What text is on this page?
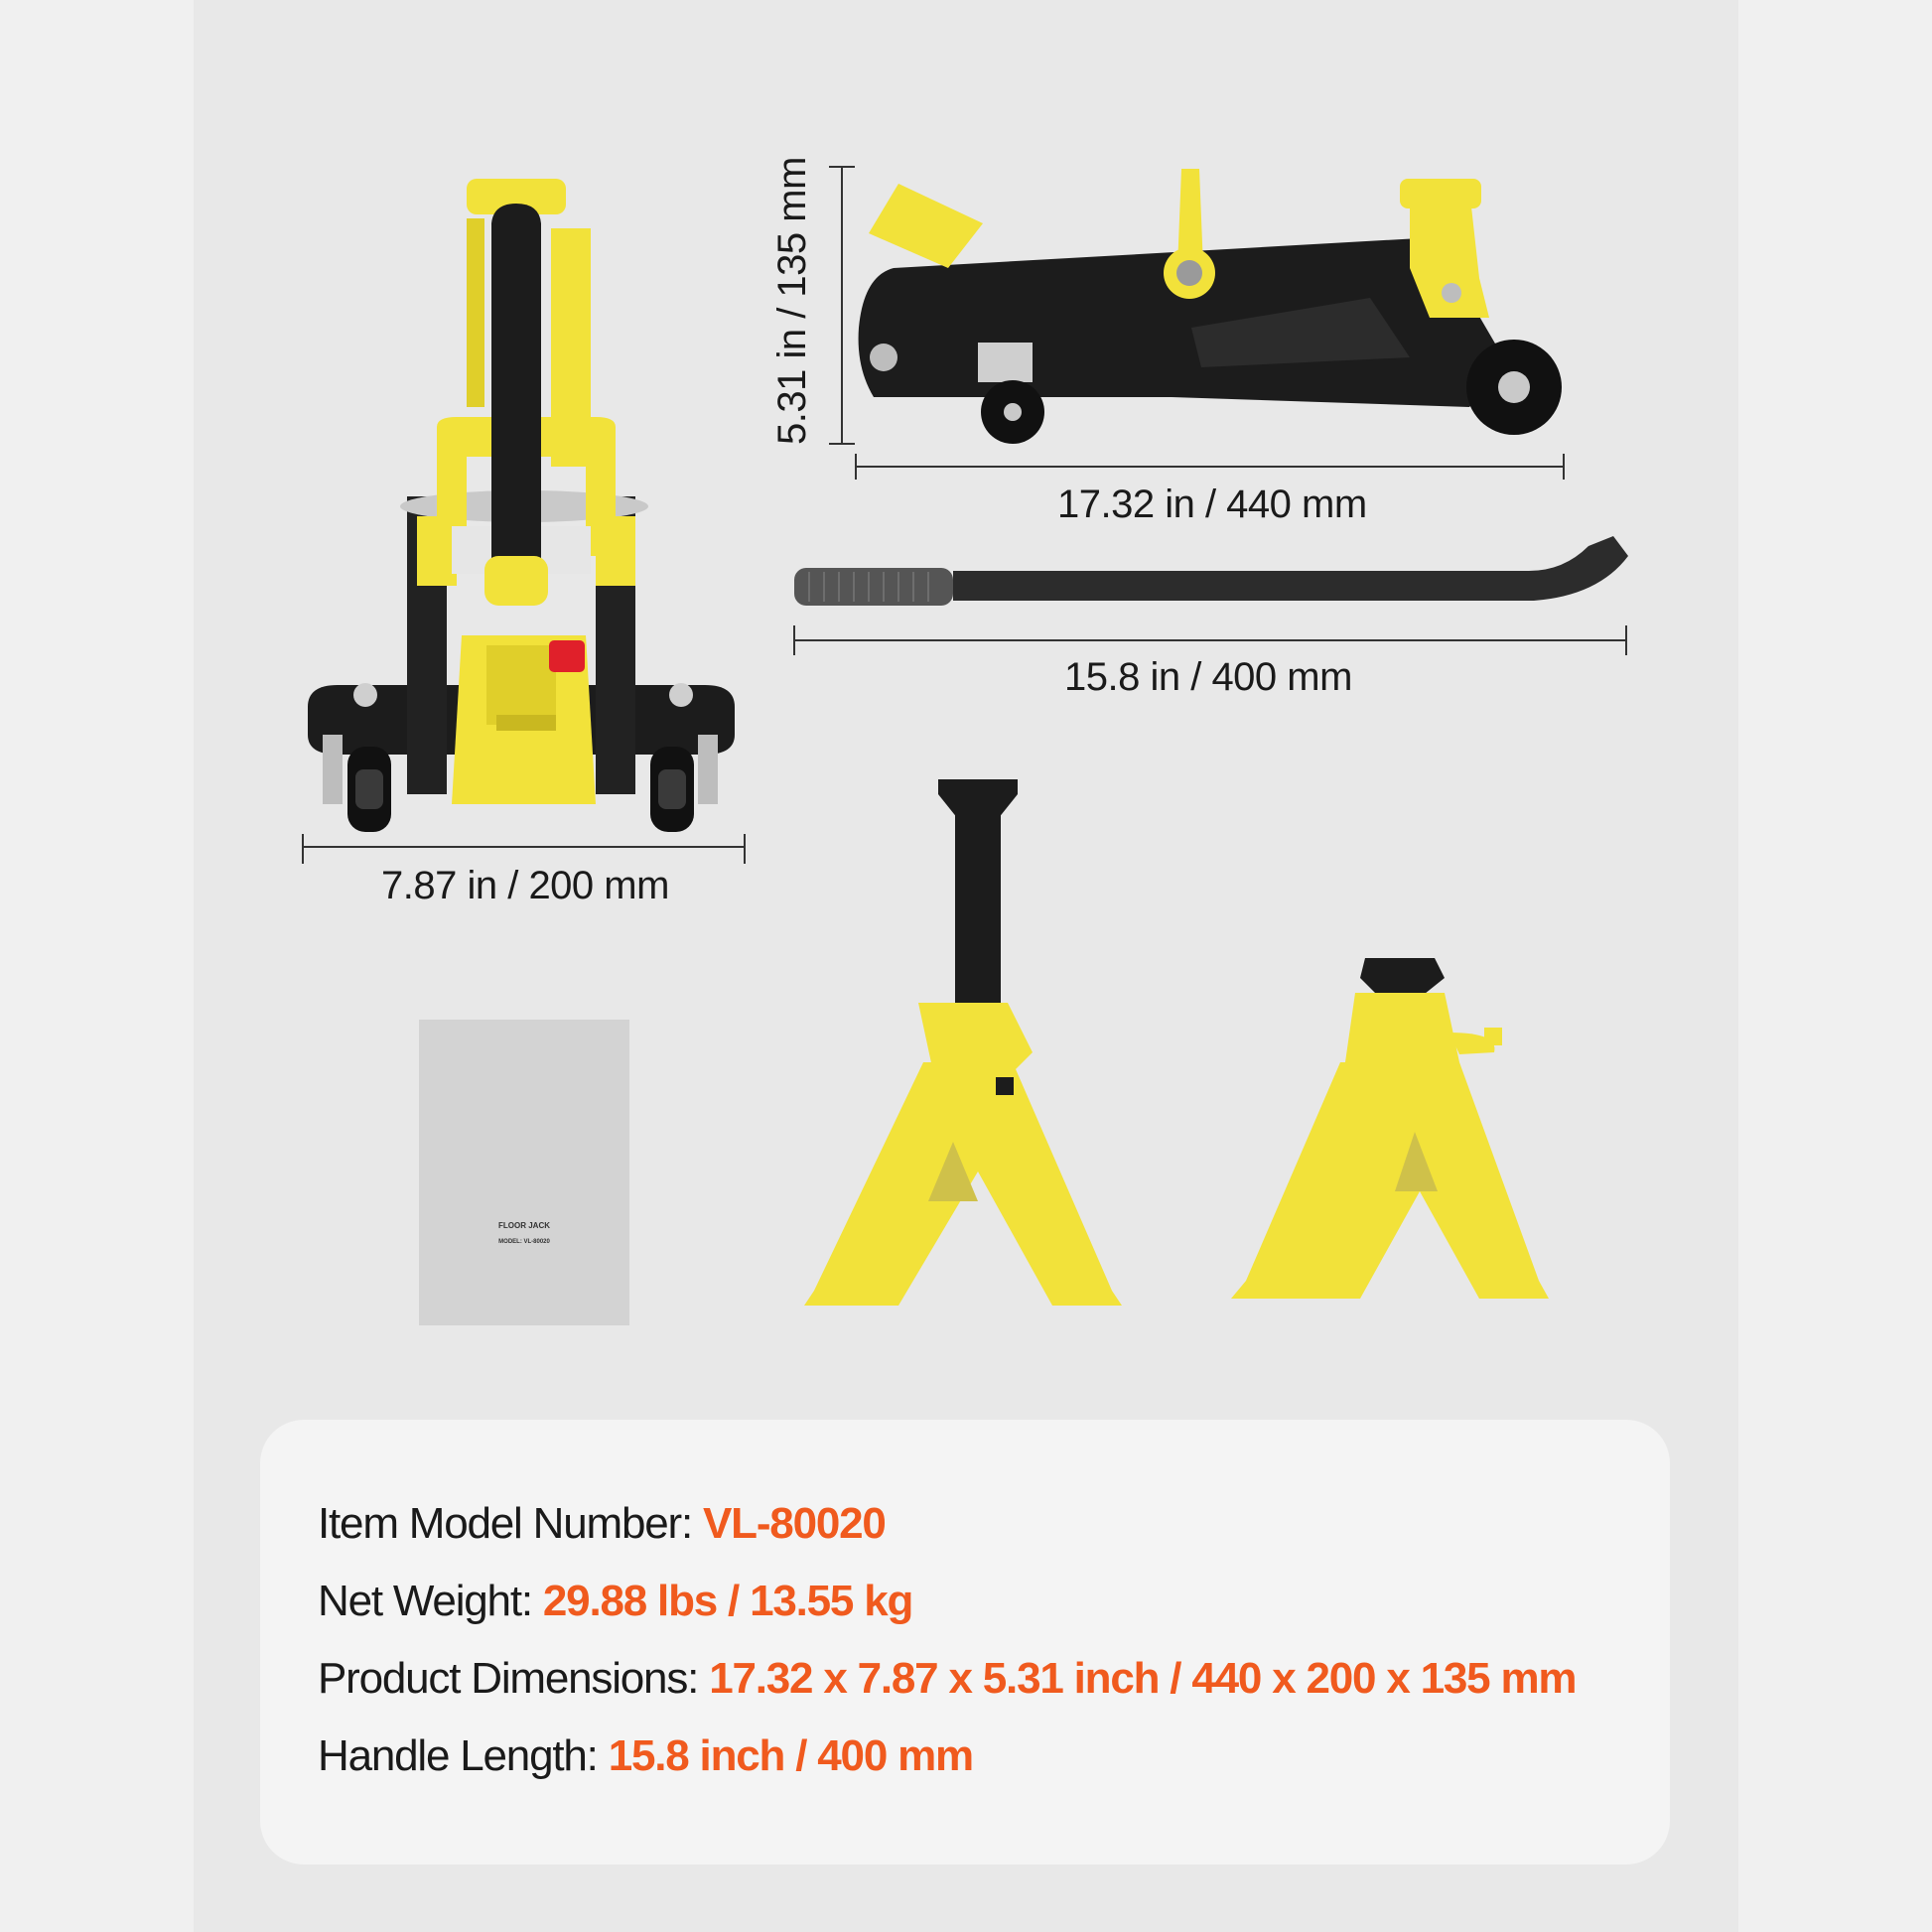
7.87 in / 200 mm
5.31 in / 135 mm
17.32 in / 440 mm
15.8 in / 400 mm
FLOOR JACK
MODEL: VL-80020
Item Model Number: VL-80020
Net Weight: 29.88 lbs / 13.55 kg
Product Dimensions: 17.32 x 7.87 x 5.31 inch / 440 x 200 x 135 mm
Handle Length: 15.8 inch / 400 mm
